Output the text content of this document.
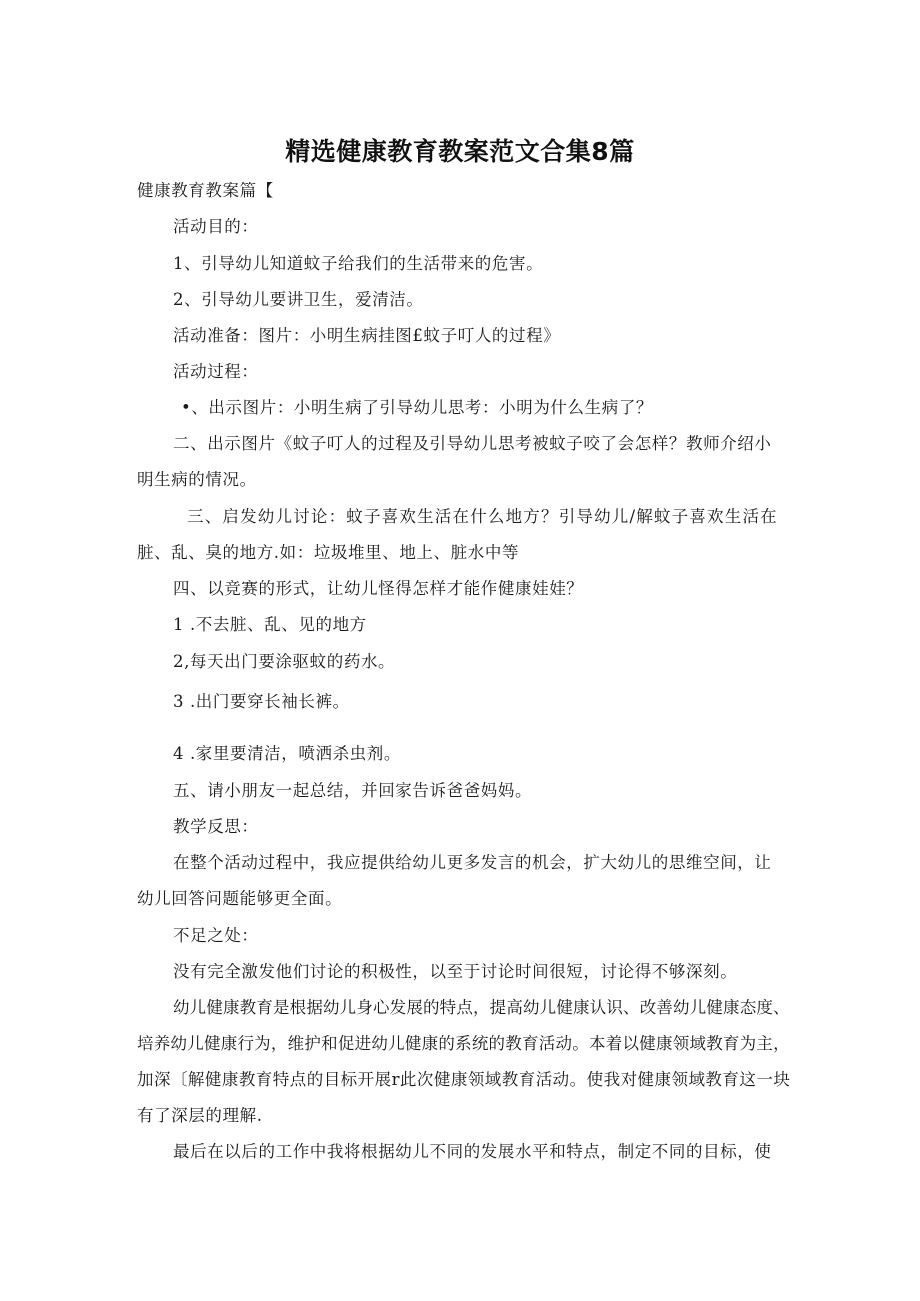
精选健康教育教案范文合集8篇
健康教育教案篇【
活动目的：
1、引导幼儿知道蚊子给我们的生活带来的危害。
2、引导幼儿要讲卫生，爱清洁。
活动准备：图片：小明生病挂图£蚊子叮人的过程》
活动过程：
•、出示图片：小明生病了引导幼儿思考：小明为什么生病了？
二、出示图片《蚊子叮人的过程及引导幼儿思考被蚊子咬了会怎样？教师介绍小
明生病的情况。
三、启发幼儿讨论：蚊子喜欢生活在什么地方？引导幼儿/解蚊子喜欢生活在
脏、乱、臭的地方.如：垃圾堆里、地上、脏水中等
四、以竞赛的形式，让幼儿怪得怎样才能作健康娃娃？
1 .不去脏、乱、见的地方
2,每天出门要涂驱蚊的药水。
3 .出门要穿长袖长裤。
4 .家里要清洁，喷洒杀虫剂。
五、请小朋友一起总结，并回家告诉爸爸妈妈。
教学反思：
在整个活动过程中，我应提供给幼儿更多发言的机会，扩大幼儿的思维空间，让
幼儿回答问题能够更全面。
不足之处：
没有完全激发他们讨论的积极性，以至于讨论时间很短，讨论得不够深刻。
幼儿健康教育是根据幼儿身心发展的特点，提高幼儿健康认识、改善幼儿健康态度、
培养幼儿健康行为，维护和促进幼儿健康的系统的教育活动。本着以健康领域教育为主，
加深〔解健康教育特点的目标开展r此次健康领域教育活动。使我对健康领域教育这一块
有了深层的理解.
最后在以后的工作中我将根据幼儿不同的发展水平和特点，制定不同的目标，使
